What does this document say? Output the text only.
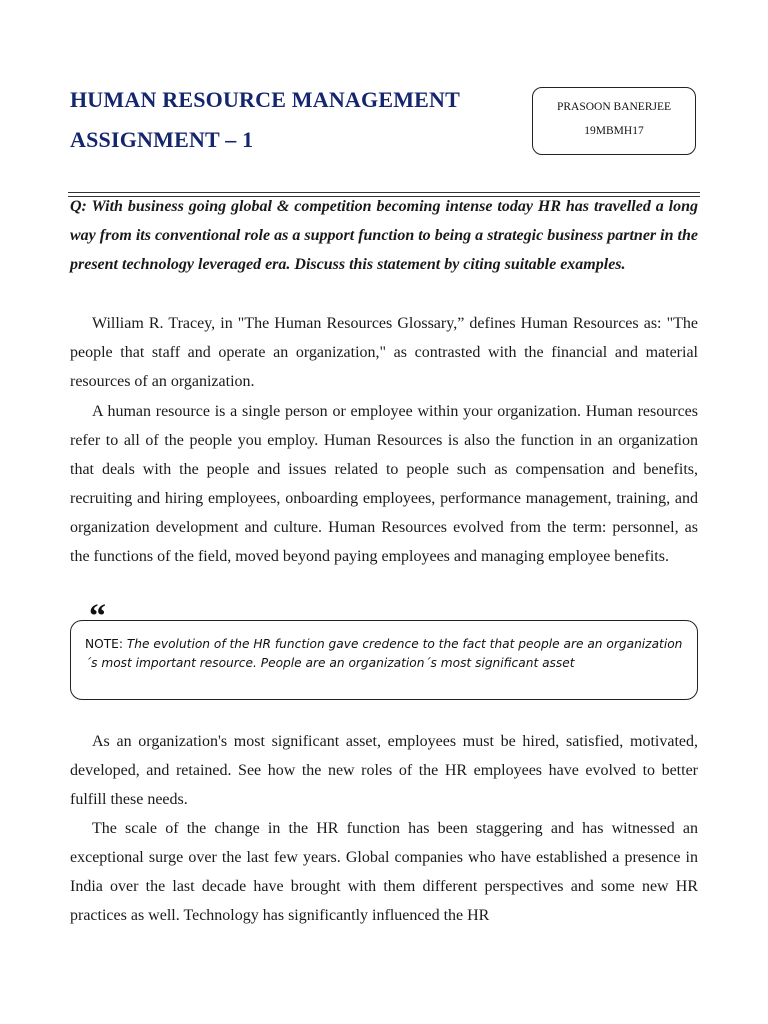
HUMAN RESOURCE MANAGEMENT
ASSIGNMENT – 1
PRASOON BANERJEE
19MBMH17
Q: With business going global & competition becoming intense today HR has travelled a long way from its conventional role as a support function to being a strategic business partner in the present technology leveraged era. Discuss this statement by citing suitable examples.
William R. Tracey, in "The Human Resources Glossary,” defines Human Resources as: "The people that staff and operate an organization," as contrasted with the financial and material resources of an organization.
A human resource is a single person or employee within your organization. Human resources refer to all of the people you employ. Human Resources is also the function in an organization that deals with the people and issues related to people such as compensation and benefits, recruiting and hiring employees, onboarding employees, performance management, training, and organization development and culture. Human Resources evolved from the term: personnel, as the functions of the field, moved beyond paying employees and managing employee benefits.
NOTE: The evolution of the HR function gave credence to the fact that people are an organization´s most important resource. People are an organization´s most significant asset
“
As an organization's most significant asset, employees must be hired, satisfied, motivated, developed, and retained. See how the new roles of the HR employees have evolved to better fulfill these needs.
The scale of the change in the HR function has been staggering and has witnessed an exceptional surge over the last few years. Global companies who have established a presence in India over the last decade have brought with them different perspectives and some new HR practices as well. Technology has significantly influenced the HR
